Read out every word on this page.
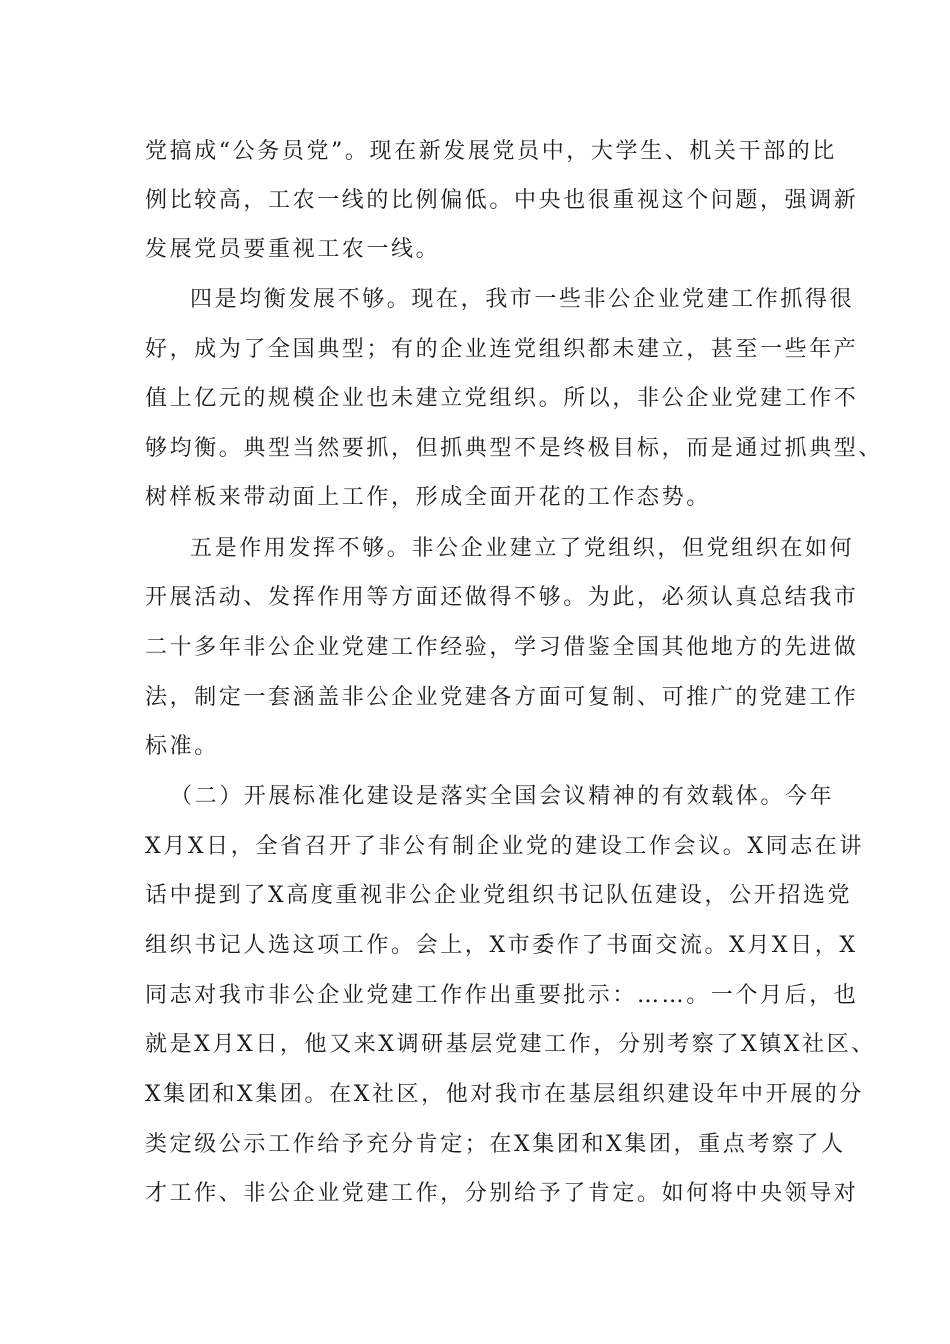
党搞成“公务员党”。现在新发展党员中，大学生、机关干部的比
例比较高，工农一线的比例偏低。中央也很重视这个问题，强调新
发展党员要重视工农一线。
四是均衡发展不够。现在，我市一些非公企业党建工作抓得很
好，成为了全国典型；有的企业连党组织都未建立，甚至一些年产
值上亿元的规模企业也未建立党组织。所以，非公企业党建工作不
够均衡。典型当然要抓，但抓典型不是终极目标，而是通过抓典型、
树样板来带动面上工作，形成全面开花的工作态势。
五是作用发挥不够。非公企业建立了党组织，但党组织在如何
开展活动、发挥作用等方面还做得不够。为此，必须认真总结我市
二十多年非公企业党建工作经验，学习借鉴全国其他地方的先进做
法，制定一套涵盖非公企业党建各方面可复制、可推广的党建工作
标准。
（二）开展标准化建设是落实全国会议精神的有效载体。今年
X月X日，全省召开了非公有制企业党的建设工作会议。X同志在讲
话中提到了X高度重视非公企业党组织书记队伍建设，公开招选党
组织书记人选这项工作。会上，X市委作了书面交流。X月X日，X
同志对我市非公企业党建工作作出重要批示：……。一个月后，也
就是X月X日，他又来X调研基层党建工作，分别考察了X镇X社区、
X集团和X集团。在X社区，他对我市在基层组织建设年中开展的分
类定级公示工作给予充分肯定；在X集团和X集团，重点考察了人
才工作、非公企业党建工作，分别给予了肯定。如何将中央领导对
